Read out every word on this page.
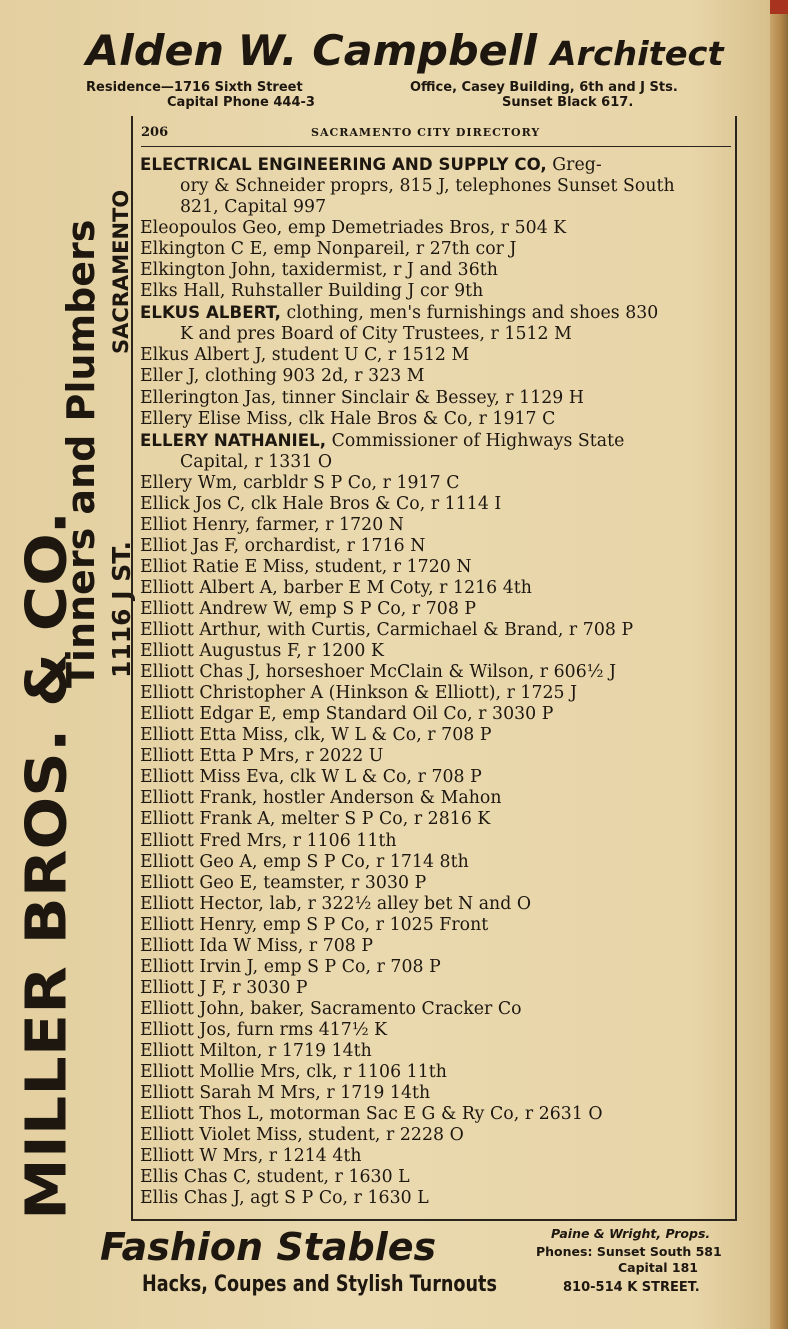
Alden W. Campbell Architect
Residence—1716 Sixth Street
Capital Phone 444-3
Office, Casey Building, 6th and J Sts.
Sunset Black 617.
MILLER BROS. & CO.
Tinners and Plumbers 1116 J ST.
SACRAMENTO
206	SACRAMENTO CITY DIRECTORY
ELECTRICAL ENGINEERING AND SUPPLY CO, Greg-
ory & Schneider proprs, 815 J, telephones Sunset South
821, Capital 997
Eleopoulos Geo, emp Demetriades Bros, r 504 K
Elkington C E, emp Nonpareil, r 27th cor J
Elkington John, taxidermist, r J and 36th
Elks Hall, Ruhstaller Building J cor 9th
ELKUS ALBERT, clothing, men's furnishings and shoes 830
K and pres Board of City Trustees, r 1512 M
Elkus Albert J, student U C, r 1512 M
Eller J, clothing 903 2d, r 323 M
Ellerington Jas, tinner Sinclair & Bessey, r 1129 H
Ellery Elise Miss, clk Hale Bros & Co, r 1917 C
ELLERY NATHANIEL, Commissioner of Highways State
Capital, r 1331 O
Ellery Wm, carbldr S P Co, r 1917 C
Ellick Jos C, clk Hale Bros & Co, r 1114 I
Elliot Henry, farmer, r 1720 N
Elliot Jas F, orchardist, r 1716 N
Elliot Ratie E Miss, student, r 1720 N
Elliott Albert A, barber E M Coty, r 1216 4th
Elliott Andrew W, emp S P Co, r 708 P
Elliott Arthur, with Curtis, Carmichael & Brand, r 708 P
Elliott Augustus F, r 1200 K
Elliott Chas J, horseshoer McClain & Wilson, r 606½ J
Elliott Christopher A (Hinkson & Elliott), r 1725 J
Elliott Edgar E, emp Standard Oil Co, r 3030 P
Elliott Etta Miss, clk, W L & Co, r 708 P
Elliott Etta P Mrs, r 2022 U
Elliott Miss Eva, clk W L & Co, r 708 P
Elliott Frank, hostler Anderson & Mahon
Elliott Frank A, melter S P Co, r 2816 K
Elliott Fred Mrs, r 1106 11th
Elliott Geo A, emp S P Co, r 1714 8th
Elliott Geo E, teamster, r 3030 P
Elliott Hector, lab, r 322½ alley bet N and O
Elliott Henry, emp S P Co, r 1025 Front
Elliott Ida W Miss, r 708 P
Elliott Irvin J, emp S P Co, r 708 P
Elliott J F, r 3030 P
Elliott John, baker, Sacramento Cracker Co
Elliott Jos, furn rms 417½ K
Elliott Milton, r 1719 14th
Elliott Mollie Mrs, clk, r 1106 11th
Elliott Sarah M Mrs, r 1719 14th
Elliott Thos L, motorman Sac E G & Ry Co, r 2631 O
Elliott Violet Miss, student, r 2228 O
Elliott W Mrs, r 1214 4th
Ellis Chas C, student, r 1630 L
Ellis Chas J, agt S P Co, r 1630 L
Fashion Stables
Hacks, Coupes and Stylish Turnouts
Paine & Wright, Props.
Phones: Sunset South 581
Capital 181
810-514 K STREET.
